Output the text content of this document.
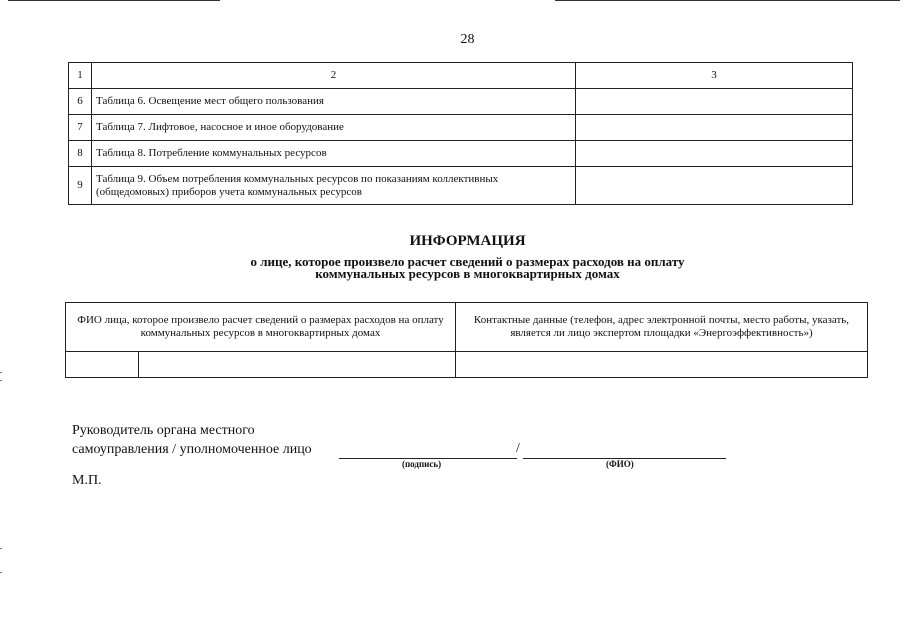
28
1	2	3
6	Таблица 6. Освещение мест общего пользования	
7	Таблица 7. Лифтовое, насосное и иное оборудование	
8	Таблица 8. Потребление коммунальных ресурсов	
9	Таблица 9. Объем потребления коммунальных ресурсов по показаниям коллективных (общедомовых) приборов учета коммунальных ресурсов	
ИНФОРМАЦИЯ
о лице, которое произвело расчет сведений о размерах расходов на оплату
коммунальных ресурсов в многоквартирных домах
ФИО лица, которое произвело расчет сведений о размерах расходов на оплату коммунальных ресурсов в многоквартирных домах		Контактные данные (телефон, адрес электронной почты, место работы, указать, является ли лицо экспертом площадки «Энергоэффективность»)

Руководитель органа местного
самоуправления / уполномоченное лицо	/
(подпись)	(ФИО)
М.П.
